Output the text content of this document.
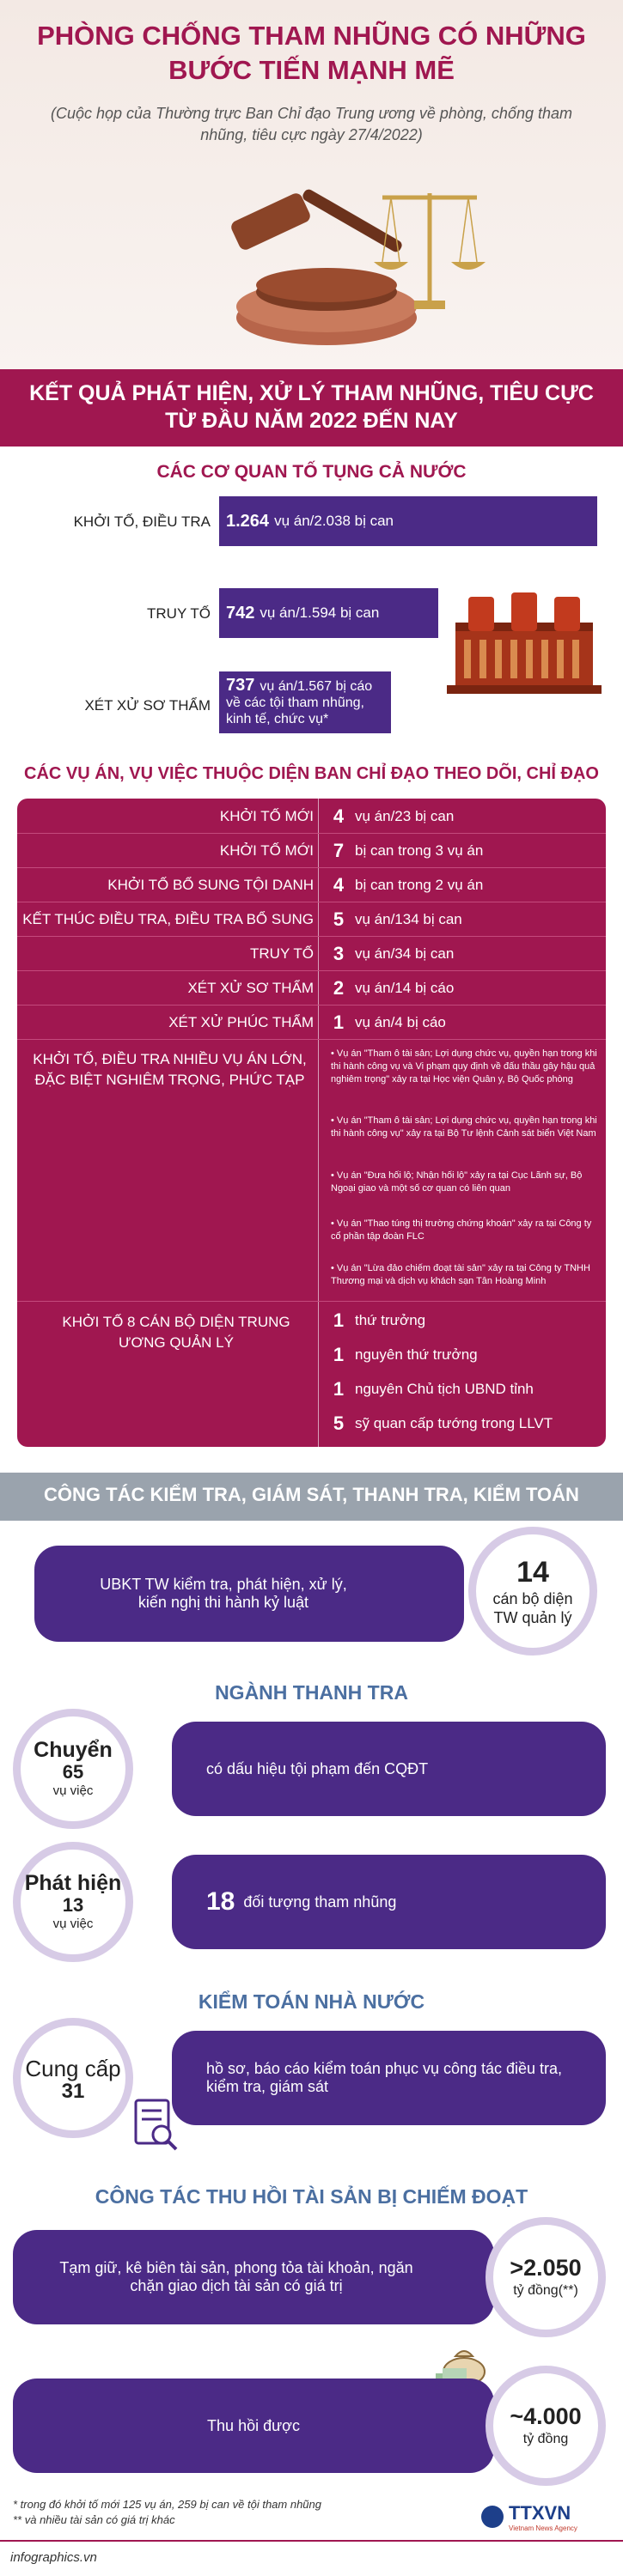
PHÒNG CHỐNG THAM NHŨNG CÓ NHỮNG
BƯỚC TIẾN MẠNH MẼ
(Cuộc họp của Thường trực Ban Chỉ đạo Trung ương về phòng, chống tham nhũng, tiêu cực ngày 27/4/2022)
KẾT QUẢ PHÁT HIỆN, XỬ LÝ THAM NHŨNG, TIÊU CỰC
TỪ ĐẦU NĂM 2022 ĐẾN NAY
CÁC CƠ QUAN TỐ TỤNG CẢ NƯỚC
KHỞI TỐ, ĐIỀU TRA 1.264 vụ án/2.038 bị can
TRUY TỐ 742 vụ án/1.594 bị can
XÉT XỬ SƠ THẨM
737 vụ án/1.567 bị cáo về các tội tham nhũng, kinh tế, chức vụ*
CÁC VỤ ÁN, VỤ VIỆC THUỘC DIỆN BAN CHỈ ĐẠO THEO DÕI, CHỈ ĐẠO
KHỞI TỐ MỚI	4 vụ án/23 bị can
KHỞI TỐ MỚI	7 bị can trong 3 vụ án
KHỞI TỐ BỔ SUNG TỘI DANH	4 bị can trong 2 vụ án
KẾT THÚC ĐIỀU TRA, ĐIỀU TRA BỔ SUNG	5 vụ án/134 bị can
TRUY TỐ	3 vụ án/34 bị can
XÉT XỬ SƠ THẨM	2 vụ án/14 bị cáo
XÉT XỬ PHÚC THẨM	1 vụ án/4 bị cáo
KHỞI TỐ, ĐIỀU TRA NHIỀU VỤ ÁN LỚN, ĐẶC BIỆT NGHIÊM TRỌNG, PHỨC TẠP
• Vụ án "Tham ô tài sản; Lợi dụng chức vụ, quyền hạn trong khi thi hành công vụ và Vi phạm quy định về đấu thầu gây hậu quả nghiêm trọng" xảy ra tại Học viện Quân y, Bộ Quốc phòng
• Vụ án "Tham ô tài sản; Lợi dụng chức vụ, quyền hạn trong khi thi hành công vụ" xảy ra tại Bộ Tư lệnh Cảnh sát biển Việt Nam
• Vụ án "Đưa hối lộ; Nhận hối lộ" xảy ra tại Cục Lãnh sự, Bộ Ngoại giao và một số cơ quan có liên quan
• Vụ án "Thao túng thị trường chứng khoán" xảy ra tại Công ty cổ phần tập đoàn FLC
• Vụ án "Lừa đảo chiếm đoạt tài sản" xảy ra tại Công ty TNHH Thương mại và dịch vụ khách sạn Tân Hoàng Minh
KHỞI TỐ 8 CÁN BỘ DIỆN TRUNG ƯƠNG QUẢN LÝ
1 thứ trưởng
1 nguyên thứ trưởng
1 nguyên Chủ tịch UBND tỉnh
5 sỹ quan cấp tướng trong LLVT
CÔNG TÁC KIỂM TRA, GIÁM SÁT, THANH TRA, KIỂM TOÁN
UBKT TW kiểm tra, phát hiện, xử lý, kiến nghị thi hành kỷ luật
14
cán bộ diện TW quản lý
NGÀNH THANH TRA
có dấu hiệu tội phạm đến CQĐT
Chuyển
65
vụ việc
18 đối tượng tham nhũng
Phát hiện
13
vụ việc
KIỂM TOÁN NHÀ NƯỚC
hồ sơ, báo cáo kiểm toán phục vụ công tác điều tra, kiểm tra, giám sát
Cung cấp
31
CÔNG TÁC THU HỒI TÀI SẢN BỊ CHIẾM ĐOẠT
Tạm giữ, kê biên tài sản, phong tỏa tài khoản, ngăn chặn giao dịch tài sản có giá trị
>2.050
tỷ đồng(**)
Thu hồi được	~4.000
tỷ đồng
* trong đó khởi tố mới 125 vụ án, 259 bị can về tội tham nhũng
** và nhiều tài sản có giá trị khác	TTXVN
Vietnam News Agency
infographics.vn
